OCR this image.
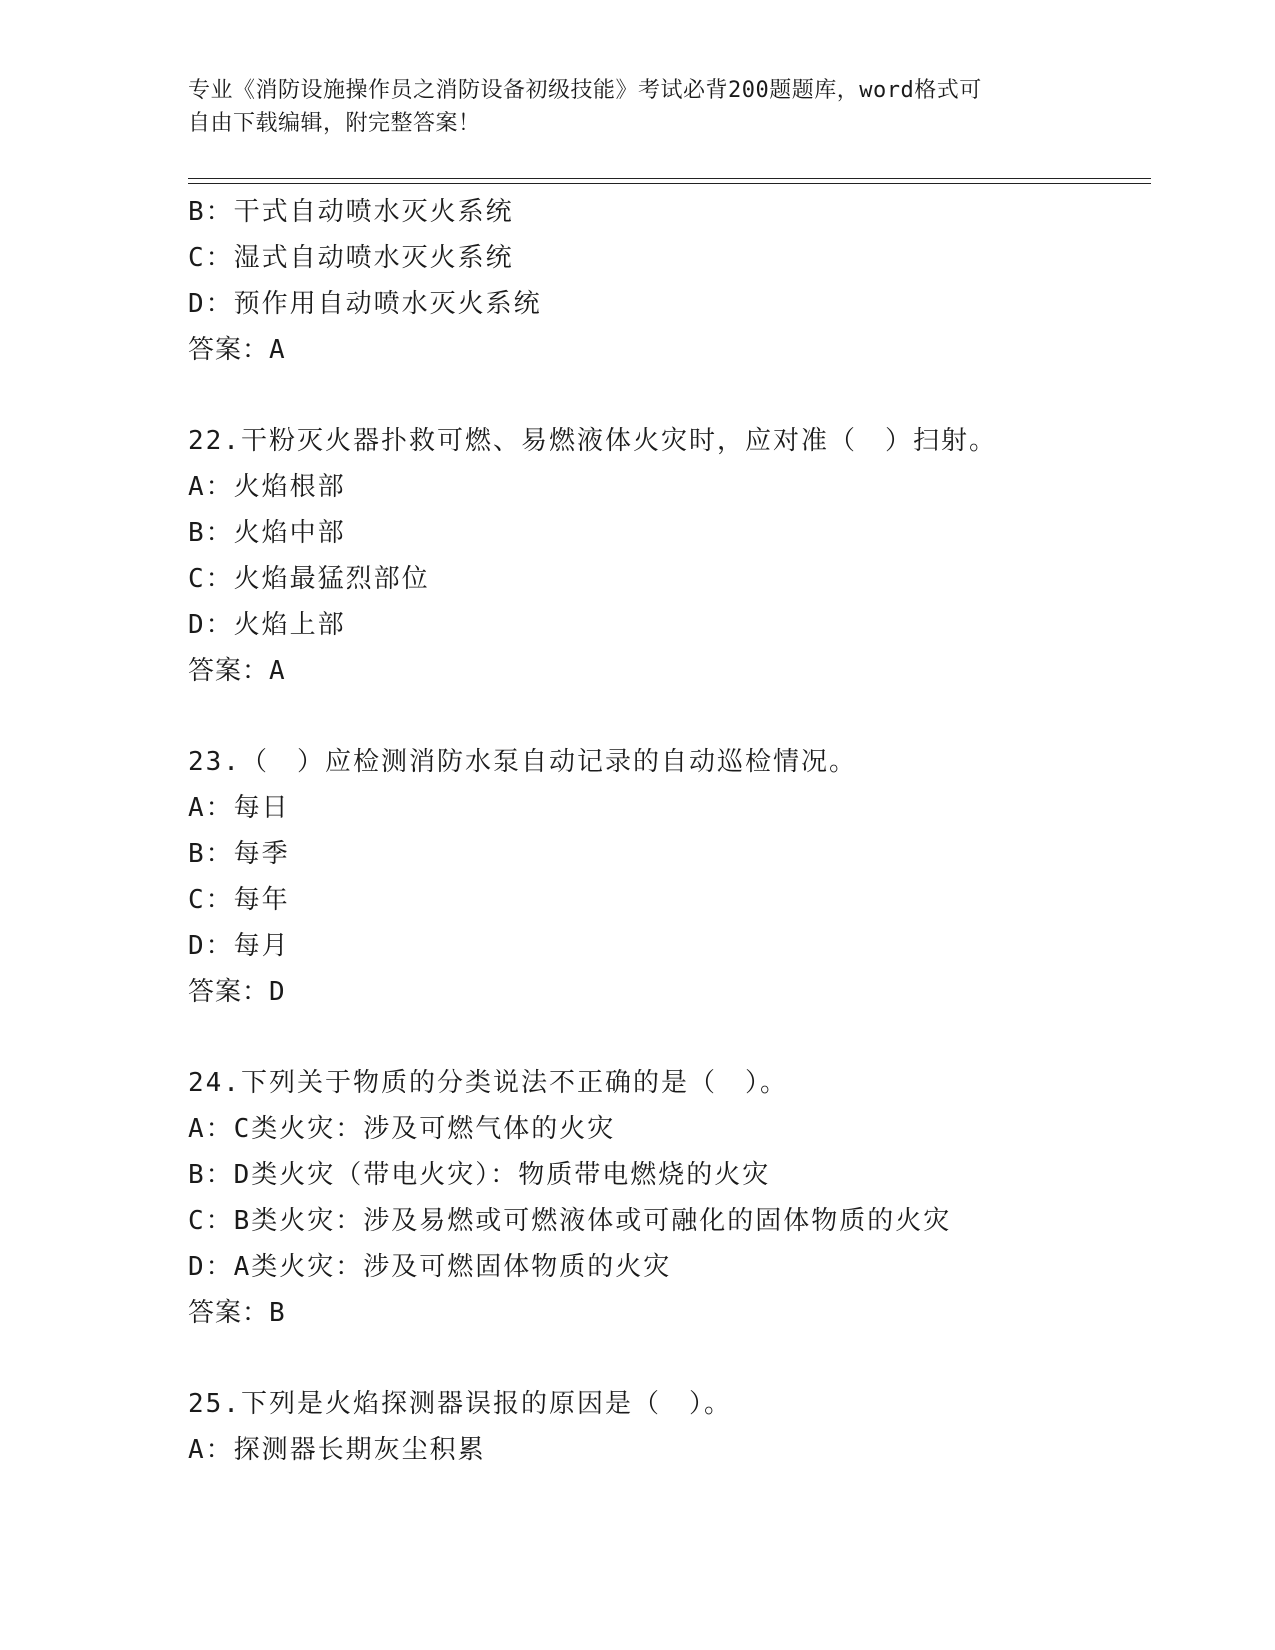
专业《消防设施操作员之消防设备初级技能》考试必背200题题库，word格式可
自由下载编辑，附完整答案！
B：干式自动喷水灭火系统
C：湿式自动喷水灭火系统
D：预作用自动喷水灭火系统
答案：A
22.干粉灭火器扑救可燃、易燃液体火灾时，应对准（　）扫射。
A：火焰根部
B：火焰中部
C：火焰最猛烈部位
D：火焰上部
答案：A
23.（　）应检测消防水泵自动记录的自动巡检情况。
A：每日
B：每季
C：每年
D：每月
答案：D
24.下列关于物质的分类说法不正确的是（　）。
A：C类火灾：涉及可燃气体的火灾
B：D类火灾（带电火灾）：物质带电燃烧的火灾
C：B类火灾：涉及易燃或可燃液体或可融化的固体物质的火灾
D：A类火灾：涉及可燃固体物质的火灾
答案：B
25.下列是火焰探测器误报的原因是（　）。
A：探测器长期灰尘积累
